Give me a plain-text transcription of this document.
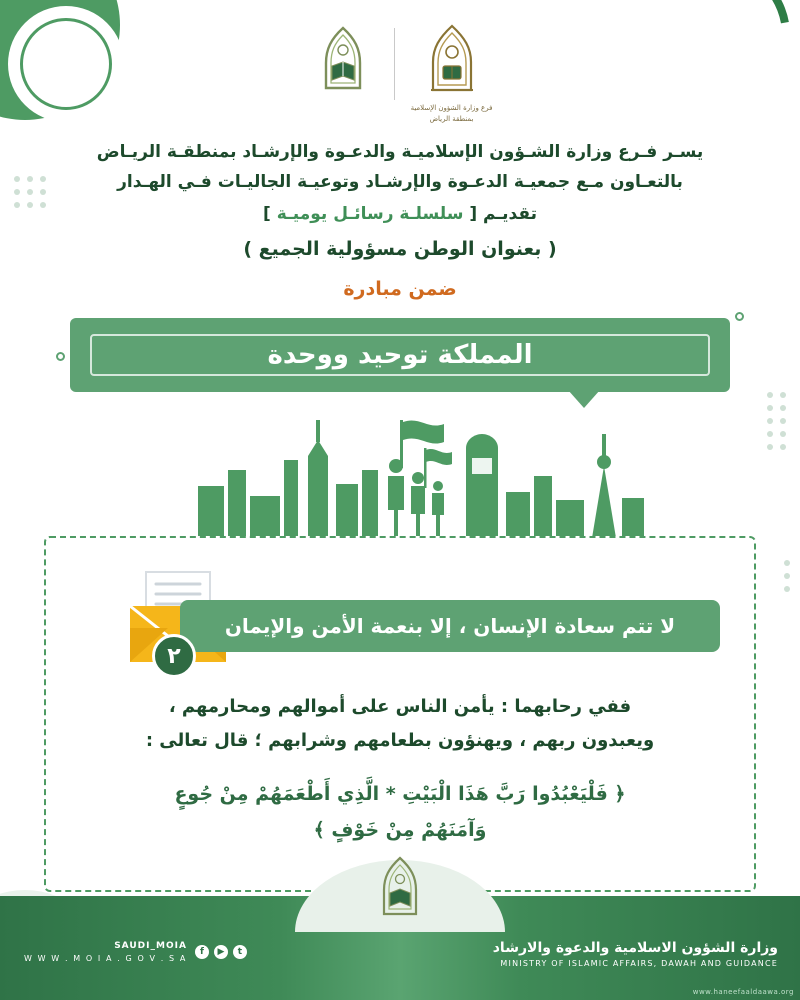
فرع وزارة الشؤون الإسلامية
بمنطقة الرياض
يسـر فـرع وزارة الشـؤون الإسلاميـة والدعـوة والإرشـاد بمنطقـة الريـاض
بالتعـاون مـع جمعيـة الدعـوة والإرشـاد وتوعيـة الجاليـات فـي الهـدار
تقديـم [ سلسلـة رسائـل يوميـة ]
( بعنوان الوطن مسؤولية الجميع )
ضمن مبادرة
المملكة توحيد ووحدة
لا تتم سعادة الإنسان ، إلا بنعمة الأمن والإيمان
٢
ففي رحابهما : يأمن الناس على أموالهم ومحارمهم ،
ويعبدون ربهم ، ويهنؤون بطعامهم وشرابهم ؛ قال تعالى :
﴿ فَلْيَعْبُدُوا رَبَّ هَذَا الْبَيْتِ * الَّذِي أَطْعَمَهُمْ مِنْ جُوعٍ
وَآمَنَهُمْ مِنْ خَوْفٍ ﴾
وزارة الشؤون الاسلامية والدعوة والارشاد
MINISTRY OF ISLAMIC AFFAIRS, DAWAH AND GUIDANCE
t
▶
f
SAUDI_MOIA
W W W . M O I A . G O V . S A
www.haneefaaldaawa.org
